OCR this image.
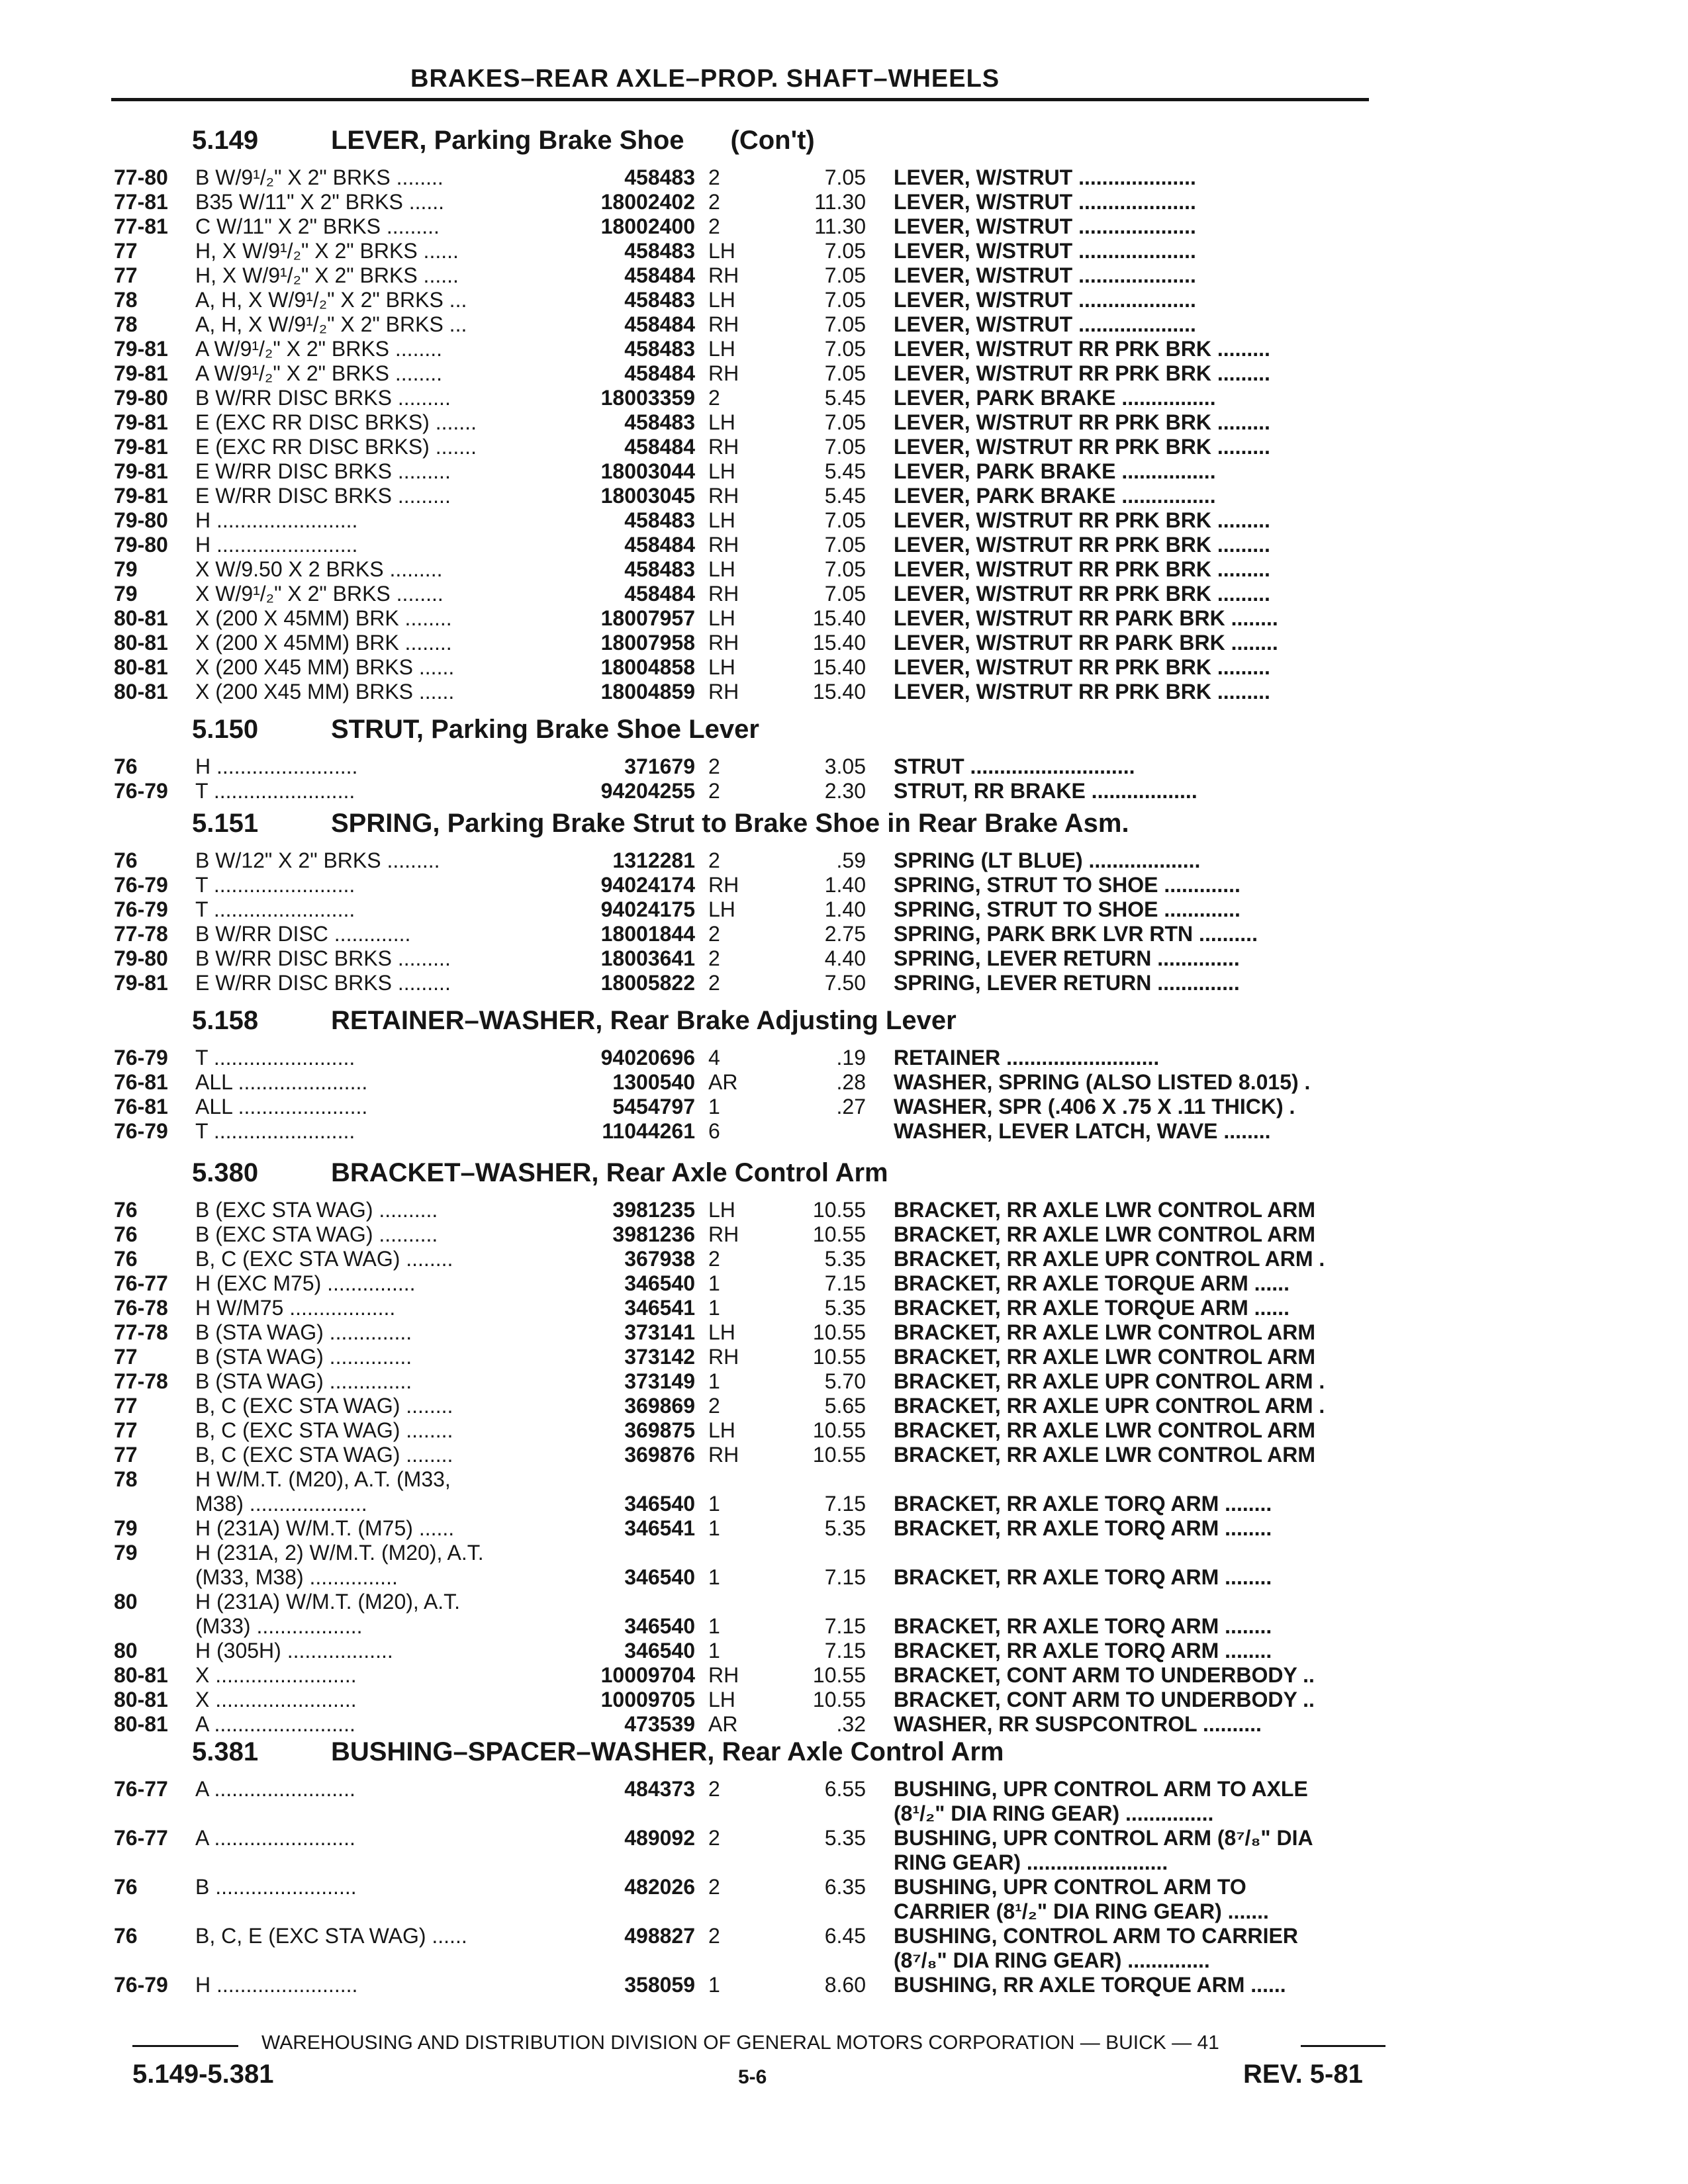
BRAKES–REAR AXLE–PROP. SHAFT–WHEELS
5.149	LEVER, Parking Brake Shoe (Con't)
77-80 B W/9¹/₂" X 2" BRKS ........	458483 2	7.05 LEVER, W/STRUT ....................
77-81 B35 W/11" X 2" BRKS ......	18002402 2	11.30 LEVER, W/STRUT ....................
77-81 C W/11" X 2" BRKS .........	18002400 2	11.30 LEVER, W/STRUT ....................
77	H, X W/9¹/₂" X 2" BRKS ......	458483 LH	7.05 LEVER, W/STRUT ....................
77	H, X W/9¹/₂" X 2" BRKS ......	458484 RH	7.05 LEVER, W/STRUT ....................
78	A, H, X W/9¹/₂" X 2" BRKS ...	458483 LH	7.05 LEVER, W/STRUT ....................
78	A, H, X W/9¹/₂" X 2" BRKS ...	458484 RH	7.05 LEVER, W/STRUT ....................
79-81 A W/9¹/₂" X 2" BRKS ........	458483 LH	7.05 LEVER, W/STRUT RR PRK BRK .........
79-81 A W/9¹/₂" X 2" BRKS ........	458484 RH	7.05 LEVER, W/STRUT RR PRK BRK .........
79-80 B W/RR DISC BRKS .........	18003359 2	5.45 LEVER, PARK BRAKE ................
79-81 E (EXC RR DISC BRKS) .......	458483 LH	7.05 LEVER, W/STRUT RR PRK BRK .........
79-81 E (EXC RR DISC BRKS) .......	458484 RH	7.05 LEVER, W/STRUT RR PRK BRK .........
79-81 E W/RR DISC BRKS .........	18003044 LH	5.45 LEVER, PARK BRAKE ................
79-81 E W/RR DISC BRKS .........	18003045 RH	5.45 LEVER, PARK BRAKE ................
79-80 H ........................	458483 LH	7.05 LEVER, W/STRUT RR PRK BRK .........
79-80 H ........................	458484 RH	7.05 LEVER, W/STRUT RR PRK BRK .........
79	X W/9.50 X 2 BRKS .........	458483 LH	7.05 LEVER, W/STRUT RR PRK BRK .........
79	X W/9¹/₂" X 2" BRKS ........	458484 RH	7.05 LEVER, W/STRUT RR PRK BRK .........
80-81 X (200 X 45MM) BRK ........	18007957 LH	15.40 LEVER, W/STRUT RR PARK BRK ........
80-81 X (200 X 45MM) BRK ........	18007958 RH	15.40 LEVER, W/STRUT RR PARK BRK ........
80-81 X (200 X45 MM) BRKS ......	18004858 LH	15.40 LEVER, W/STRUT RR PRK BRK .........
80-81 X (200 X45 MM) BRKS ......	18004859 RH	15.40 LEVER, W/STRUT RR PRK BRK .........
5.150	STRUT, Parking Brake Shoe Lever
76	H ........................	371679 2	3.05 STRUT ............................
76-79 T ........................	94204255 2	2.30 STRUT, RR BRAKE ..................
5.151	SPRING, Parking Brake Strut to Brake Shoe in Rear Brake Asm.
76	B W/12" X 2" BRKS .........	1312281 2	.59 SPRING (LT BLUE) ...................
76-79 T ........................	94024174 RH	1.40 SPRING, STRUT TO SHOE .............
76-79 T ........................	94024175 LH	1.40 SPRING, STRUT TO SHOE .............
77-78 B W/RR DISC .............	18001844 2	2.75 SPRING, PARK BRK LVR RTN ..........
79-80 B W/RR DISC BRKS .........	18003641 2	4.40 SPRING, LEVER RETURN ..............
79-81 E W/RR DISC BRKS .........	18005822 2	7.50 SPRING, LEVER RETURN ..............
5.158	RETAINER–WASHER, Rear Brake Adjusting Lever
76-79 T ........................	94020696 4	.19 RETAINER ..........................
76-81 ALL ......................	1300540 AR	.28 WASHER, SPRING (ALSO LISTED 8.015) .
76-81 ALL ......................	5454797 1	.27 WASHER, SPR (.406 X .75 X .11 THICK) .
76-79 T ........................	11044261 6	WASHER, LEVER LATCH, WAVE ........
5.380	BRACKET–WASHER, Rear Axle Control Arm
76	B (EXC STA WAG) ..........	3981235 LH	10.55 BRACKET, RR AXLE LWR CONTROL ARM
76	B (EXC STA WAG) ..........	3981236 RH	10.55 BRACKET, RR AXLE LWR CONTROL ARM
76	B, C (EXC STA WAG) ........	367938 2	5.35 BRACKET, RR AXLE UPR CONTROL ARM .
76-77 H (EXC M75) ...............	346540 1	7.15 BRACKET, RR AXLE TORQUE ARM ......
76-78 H W/M75 ..................	346541 1	5.35 BRACKET, RR AXLE TORQUE ARM ......
77-78 B (STA WAG) ..............	373141 LH	10.55 BRACKET, RR AXLE LWR CONTROL ARM
77	B (STA WAG) ..............	373142 RH	10.55 BRACKET, RR AXLE LWR CONTROL ARM
77-78 B (STA WAG) ..............	373149 1	5.70 BRACKET, RR AXLE UPR CONTROL ARM .
77	B, C (EXC STA WAG) ........	369869 2	5.65 BRACKET, RR AXLE UPR CONTROL ARM .
77	B, C (EXC STA WAG) ........	369875 LH	10.55 BRACKET, RR AXLE LWR CONTROL ARM
77	B, C (EXC STA WAG) ........	369876 RH	10.55 BRACKET, RR AXLE LWR CONTROL ARM
78	H W/M.T. (M20), A.T. (M33,
M38) ....................	346540 1	7.15 BRACKET, RR AXLE TORQ ARM ........
79	H (231A) W/M.T. (M75) ......	346541 1	5.35 BRACKET, RR AXLE TORQ ARM ........
79	H (231A, 2) W/M.T. (M20), A.T.
(M33, M38) ...............	346540 1	7.15 BRACKET, RR AXLE TORQ ARM ........
80	H (231A) W/M.T. (M20), A.T.
(M33) ..................	346540 1	7.15 BRACKET, RR AXLE TORQ ARM ........
80	H (305H) ..................	346540 1	7.15 BRACKET, RR AXLE TORQ ARM ........
80-81 X ........................	10009704 RH	10.55 BRACKET, CONT ARM TO UNDERBODY ..
80-81 X ........................	10009705 LH	10.55 BRACKET, CONT ARM TO UNDERBODY ..
80-81 A ........................	473539 AR	.32 WASHER, RR SUSPCONTROL ..........
5.381	BUSHING–SPACER–WASHER, Rear Axle Control Arm
76-77 A ........................	484373 2	6.55 BUSHING, UPR CONTROL ARM TO AXLE
(8¹/₂" DIA RING GEAR) ...............
76-77 A ........................	489092 2	5.35 BUSHING, UPR CONTROL ARM (8⁷/₈" DIA
RING GEAR) ........................
76	B ........................	482026 2	6.35 BUSHING, UPR CONTROL ARM TO
CARRIER (8¹/₂" DIA RING GEAR) .......
76	B, C, E (EXC STA WAG) ......	498827 2	6.45 BUSHING, CONTROL ARM TO CARRIER
(8⁷/₈" DIA RING GEAR) ..............
76-79 H ........................	358059 1	8.60 BUSHING, RR AXLE TORQUE ARM ......
WAREHOUSING AND DISTRIBUTION DIVISION OF GENERAL MOTORS CORPORATION — BUICK — 41
5.149-5.381	5-6	REV. 5-81
